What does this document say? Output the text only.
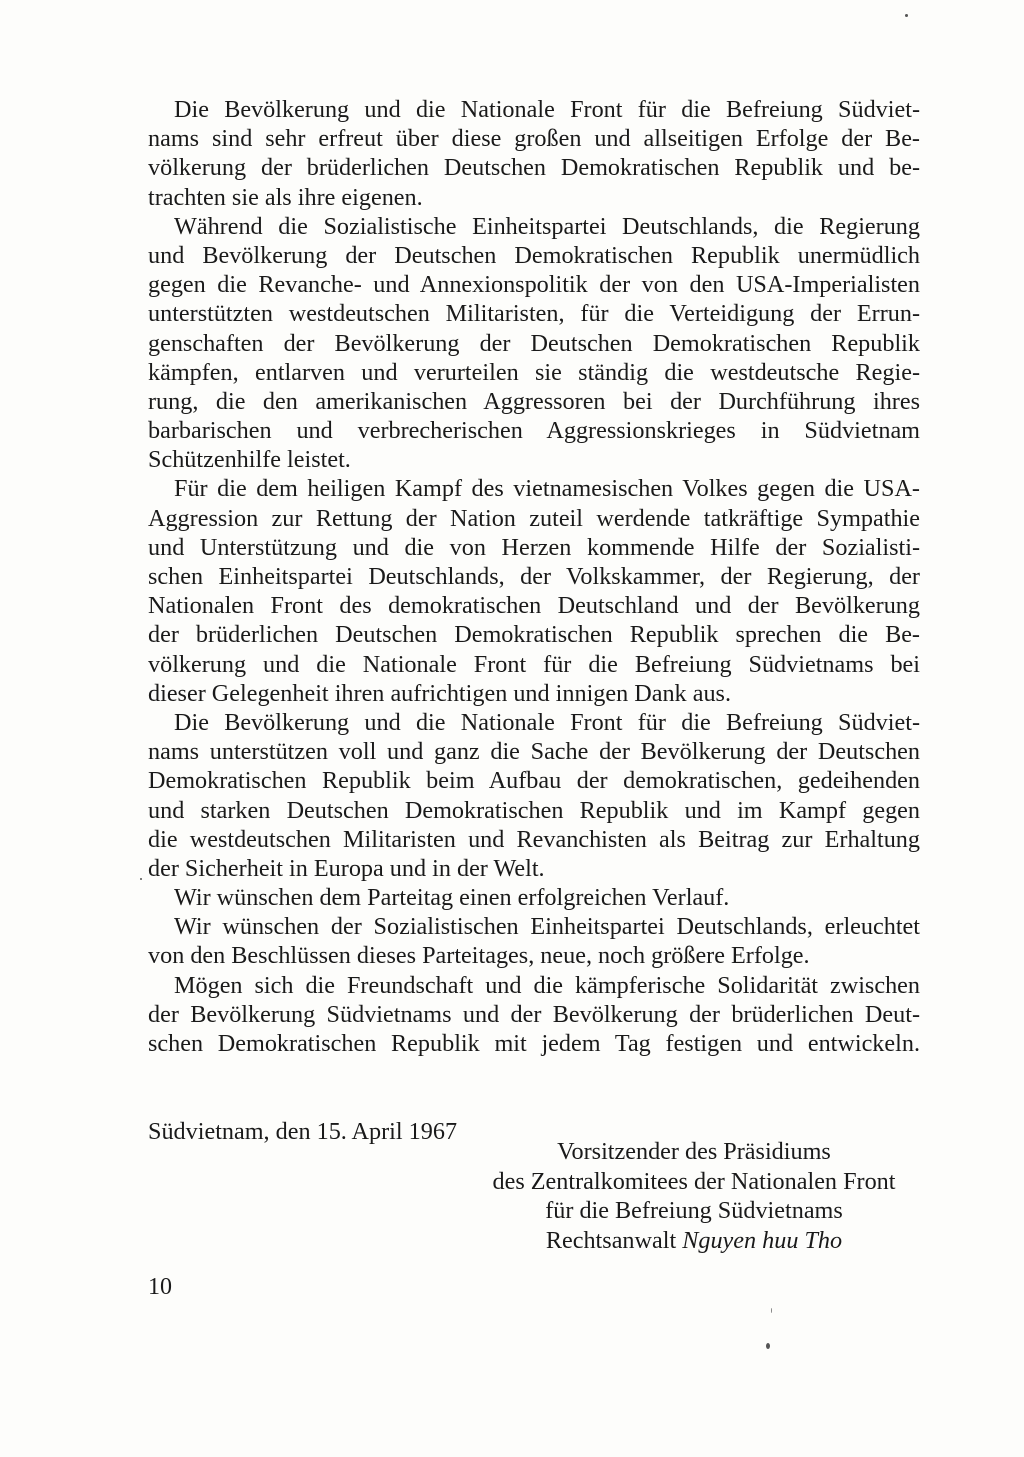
Die Bevölkerung und die Nationale Front für die Befreiung Südviet-
nams sind sehr erfreut über diese großen und allseitigen Erfolge der Be-
völkerung der brüderlichen Deutschen Demokratischen Republik und be-
trachten sie als ihre eigenen.
Während die Sozialistische Einheitspartei Deutschlands, die Regierung
und Bevölkerung der Deutschen Demokratischen Republik unermüdlich
gegen die Revanche- und Annexionspolitik der von den USA-Imperialisten
unterstützten westdeutschen Militaristen, für die Verteidigung der Errun-
genschaften der Bevölkerung der Deutschen Demokratischen Republik
kämpfen, entlarven und verurteilen sie ständig die westdeutsche Regie-
rung, die den amerikanischen Aggressoren bei der Durchführung ihres
barbarischen und verbrecherischen Aggressionskrieges in Südvietnam
Schützenhilfe leistet.
Für die dem heiligen Kampf des vietnamesischen Volkes gegen die USA-
Aggression zur Rettung der Nation zuteil werdende tatkräftige Sympathie
und Unterstützung und die von Herzen kommende Hilfe der Sozialisti-
schen Einheitspartei Deutschlands, der Volkskammer, der Regierung, der
Nationalen Front des demokratischen Deutschland und der Bevölkerung
der brüderlichen Deutschen Demokratischen Republik sprechen die Be-
völkerung und die Nationale Front für die Befreiung Südvietnams bei
dieser Gelegenheit ihren aufrichtigen und innigen Dank aus.
Die Bevölkerung und die Nationale Front für die Befreiung Südviet-
nams unterstützen voll und ganz die Sache der Bevölkerung der Deutschen
Demokratischen Republik beim Aufbau der demokratischen, gedeihenden
und starken Deutschen Demokratischen Republik und im Kampf gegen
die westdeutschen Militaristen und Revanchisten als Beitrag zur Erhaltung
der Sicherheit in Europa und in der Welt.
Wir wünschen dem Parteitag einen erfolgreichen Verlauf.
Wir wünschen der Sozialistischen Einheitspartei Deutschlands, erleuchtet
von den Beschlüssen dieses Parteitages, neue, noch größere Erfolge.
Mögen sich die Freundschaft und die kämpferische Solidarität zwischen
der Bevölkerung Südvietnams und der Bevölkerung der brüderlichen Deut-
schen Demokratischen Republik mit jedem Tag festigen und entwickeln.
Südvietnam, den 15. April 1967
Vorsitzender des Präsidiums
des Zentralkomitees der Nationalen Front
für die Befreiung Südvietnams
Rechtsanwalt Nguyen huu Tho
10
